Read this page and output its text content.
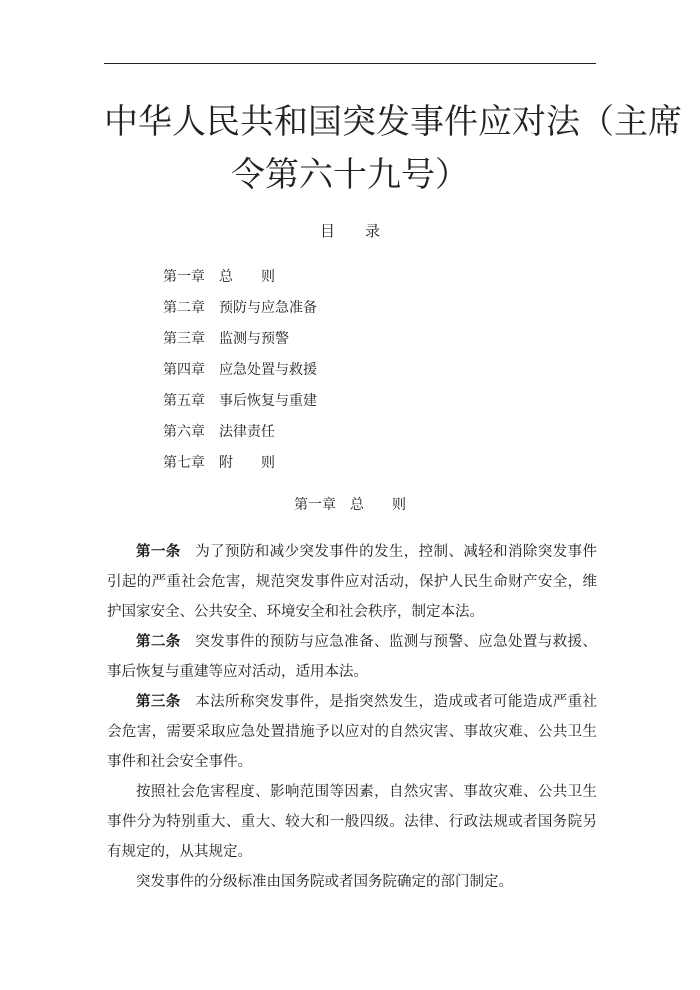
中华人民共和国突发事件应对法（主席
令第六十九号）
目　　录
第一章 总　　则
第二章 预防与应急准备
第三章 监测与预警
第四章 应急处置与救援
第五章 事后恢复与重建
第六章 法律责任
第七章 附　　则
第一章　总　　则

第一条 为了预防和减少突发事件的发生，控制、减轻和消除突发事件引起的严重社会危害，规范突发事件应对活动，保护人民生命财产安全，维护国家安全、公共安全、环境安全和社会秩序，制定本法。

第二条 突发事件的预防与应急准备、监测与预警、应急处置与救援、事后恢复与重建等应对活动，适用本法。

第三条 本法所称突发事件，是指突然发生，造成或者可能造成严重社会危害，需要采取应急处置措施予以应对的自然灾害、事故灾难、公共卫生事件和社会安全事件。

按照社会危害程度、影响范围等因素，自然灾害、事故灾难、公共卫生事件分为特别重大、重大、较大和一般四级。法律、行政法规或者国务院另有规定的，从其规定。

突发事件的分级标准由国务院或者国务院确定的部门制定。
